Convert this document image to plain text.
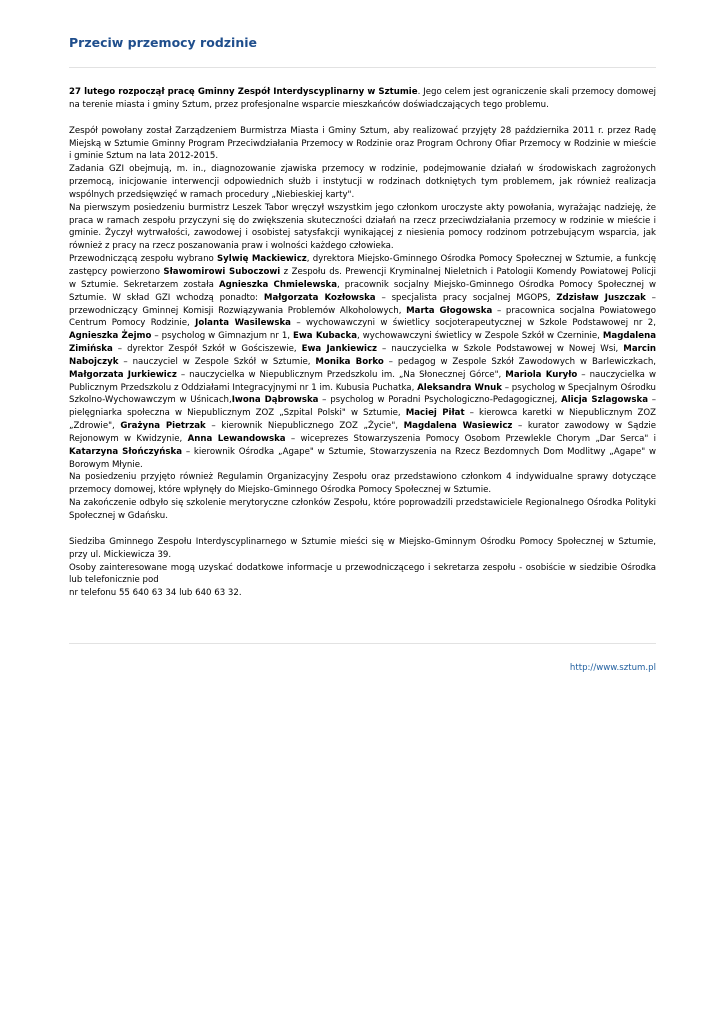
Przeciw przemocy rodzinie

27 lutego rozpoczął pracę Gminny Zespół Interdyscyplinarny w Sztumie. Jego celem jest ograniczenie skali przemocy domowej na terenie miasta i gminy Sztum, przez profesjonalne wsparcie mieszkańców doświadczających tego problemu.

Zespół powołany został Zarządzeniem Burmistrza Miasta i Gminy Sztum, aby realizować przyjęty 28 października 2011 r. przez Radę Miejską w Sztumie Gminny Program Przeciwdziałania Przemocy w Rodzinie oraz Program Ochrony Ofiar Przemocy w Rodzinie w mieście i gminie Sztum na lata 2012-2015.

Zadania GZI obejmują, m. in., diagnozowanie zjawiska przemocy w rodzinie, podejmowanie działań w środowiskach zagrożonych przemocą, inicjowanie interwencji odpowiednich służb i instytucji w rodzinach dotkniętych tym problemem, jak również realizacja wspólnych przedsięwzięć w ramach procedury „Niebieskiej karty".

Na pierwszym posiedzeniu burmistrz Leszek Tabor wręczył wszystkim jego członkom uroczyste akty powołania, wyrażając nadzieję, że praca w ramach zespołu przyczyni się do zwiększenia skuteczności działań na rzecz przeciwdziałania przemocy w rodzinie w mieście i gminie. Życzył wytrwałości, zawodowej i osobistej satysfakcji wynikającej z niesienia pomocy rodzinom potrzebującym wsparcia, jak również z pracy na rzecz poszanowania praw i wolności każdego człowieka.

Przewodniczącą zespołu wybrano Sylwię Mackiewicz, dyrektora Miejsko-Gminnego Ośrodka Pomocy Społecznej w Sztumie, a funkcję zastępcy powierzono Sławomirowi Suboczowi z Zespołu ds. Prewencji Kryminalnej Nieletnich i Patologii Komendy Powiatowej Policji w Sztumie. Sekretarzem została Agnieszka Chmielewska, pracownik socjalny Miejsko-Gminnego Ośrodka Pomocy Społecznej w Sztumie. W skład GZI wchodzą ponadto: Małgorzata Kozłowska – specjalista pracy socjalnej MGOPS, Zdzisław Juszczak – przewodniczący Gminnej Komisji Rozwiązywania Problemów Alkoholowych, Marta Głogowska – pracownica socjalna Powiatowego Centrum Pomocy Rodzinie, Jolanta Wasilewska – wychowawczyni w świetlicy socjoterapeutycznej w Szkole Podstawowej nr 2, Agnieszka Żejmo – psycholog w Gimnazjum nr 1, Ewa Kubacka, wychowawczyni świetlicy w Zespole Szkół w Czerninie, Magdalena Zimińska – dyrektor Zespół Szkół w Gościszewie, Ewa Jankiewicz – nauczycielka w Szkole Podstawowej w Nowej Wsi, Marcin Nabojczyk – nauczyciel w Zespole Szkół w Sztumie, Monika Borko – pedagog w Zespole Szkół Zawodowych w Barlewiczkach, Małgorzata Jurkiewicz – nauczycielka w Niepublicznym Przedszkolu im. „Na Słonecznej Górce", Mariola Kuryło – nauczycielka w Publicznym Przedszkolu z Oddziałami Integracyjnymi nr 1 im. Kubusia Puchatka, Aleksandra Wnuk – psycholog w Specjalnym Ośrodku Szkolno-Wychowawczym w Uśnicach,Iwona Dąbrowska – psycholog w Poradni Psychologiczno-Pedagogicznej, Alicja Szlagowska – pielęgniarka społeczna w Niepublicznym ZOZ „Szpital Polski" w Sztumie, Maciej Piłat – kierowca karetki w Niepublicznym ZOZ „Zdrowie", Grażyna Pietrzak – kierownik Niepublicznego ZOZ „Życie", Magdalena Wasiewicz – kurator zawodowy w Sądzie Rejonowym w Kwidzynie, Anna Lewandowska – wiceprezes Stowarzyszenia Pomocy Osobom Przewlekle Chorym „Dar Serca" i Katarzyna Słończyńska – kierownik Ośrodka „Agape" w Sztumie, Stowarzyszenia na Rzecz Bezdomnych Dom Modlitwy „Agape" w Borowym Młynie.

Na posiedzeniu przyjęto również Regulamin Organizacyjny Zespołu oraz przedstawiono członkom 4 indywidualne sprawy dotyczące przemocy domowej, które wpłynęły do Miejsko-Gminnego Ośrodka Pomocy Społecznej w Sztumie.

Na zakończenie odbyło się szkolenie merytoryczne członków Zespołu, które poprowadzili przedstawiciele Regionalnego Ośrodka Polityki Społecznej w Gdańsku.

Siedziba Gminnego Zespołu Interdyscyplinarnego w Sztumie mieści się w Miejsko-Gminnym Ośrodku Pomocy Społecznej w Sztumie, przy ul. Mickiewicza 39.

Osoby zainteresowane mogą uzyskać dodatkowe informacje u przewodniczącego i sekretarza zespołu - osobiście w siedzibie Ośrodka lub telefonicznie pod

nr telefonu 55 640 63 34 lub 640 63 32.

http://www.sztum.pl
